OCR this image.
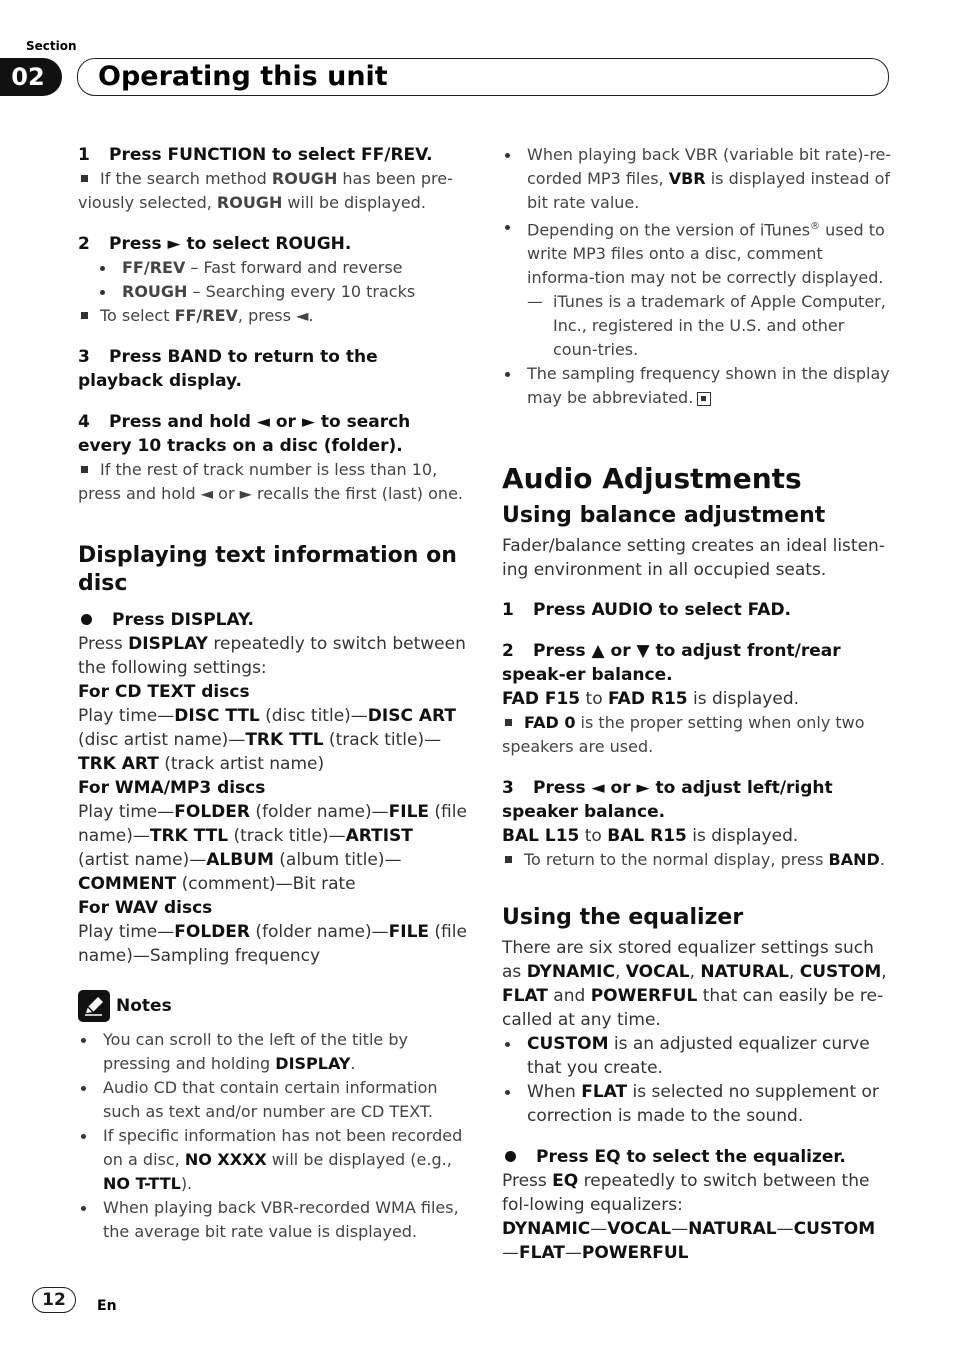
Section
02	Operating this unit
1 Press FUNCTION to select FF/REV.
If the search method ROUGH has been pre-viously selected, ROUGH will be displayed.
2 Press ► to select ROUGH.
FF/REV – Fast forward and reverse
ROUGH – Searching every 10 tracks
To select FF/REV, press ◄.
3 Press BAND to return to the playback display.
4 Press and hold ◄ or ► to search every 10 tracks on a disc (folder).
If the rest of track number is less than 10, press and hold ◄ or ► recalls the first (last) one.
Displaying text information on disc
Press DISPLAY.
Press DISPLAY repeatedly to switch between the following settings:
For CD TEXT discs
Play time—DISC TTL (disc title)—DISC ART (disc artist name)—TRK TTL (track title)—TRK ART (track artist name)
For WMA/MP3 discs
Play time—FOLDER (folder name)—FILE (file name)—TRK TTL (track title)—ARTIST (artist name)—ALBUM (album title)—COMMENT (comment)—Bit rate
For WAV discs
Play time—FOLDER (folder name)—FILE (file name)—Sampling frequency
Notes
You can scroll to the left of the title by pressing and holding DISPLAY.
Audio CD that contain certain information such as text and/or number are CD TEXT.
If specific information has not been recorded on a disc, NO XXXX will be displayed (e.g., NO T-TTL).
When playing back VBR-recorded WMA files, the average bit rate value is displayed.
When playing back VBR (variable bit rate)-re-corded MP3 files, VBR is displayed instead of bit rate value.
Depending on the version of iTunes® used to write MP3 files onto a disc, comment informa-tion may not be correctly displayed.
— iTunes is a trademark of Apple Computer, Inc., registered in the U.S. and other coun-tries.
The sampling frequency shown in the display may be abbreviated.
Audio Adjustments
Using balance adjustment
Fader/balance setting creates an ideal listen-ing environment in all occupied seats.
1 Press AUDIO to select FAD.
2 Press ▲ or ▼ to adjust front/rear speak-er balance.
FAD F15 to FAD R15 is displayed.
FAD 0 is the proper setting when only two speakers are used.
3 Press ◄ or ► to adjust left/right speaker balance.
BAL L15 to BAL R15 is displayed.
To return to the normal display, press BAND.
Using the equalizer
There are six stored equalizer settings such as DYNAMIC, VOCAL, NATURAL, CUSTOM, FLAT and POWERFUL that can easily be re-called at any time.
CUSTOM is an adjusted equalizer curve that you create.
When FLAT is selected no supplement or correction is made to the sound.
Press EQ to select the equalizer.
Press EQ repeatedly to switch between the fol-lowing equalizers:
DYNAMIC—VOCAL—NATURAL—CUSTOM—FLAT—POWERFUL
12	En
